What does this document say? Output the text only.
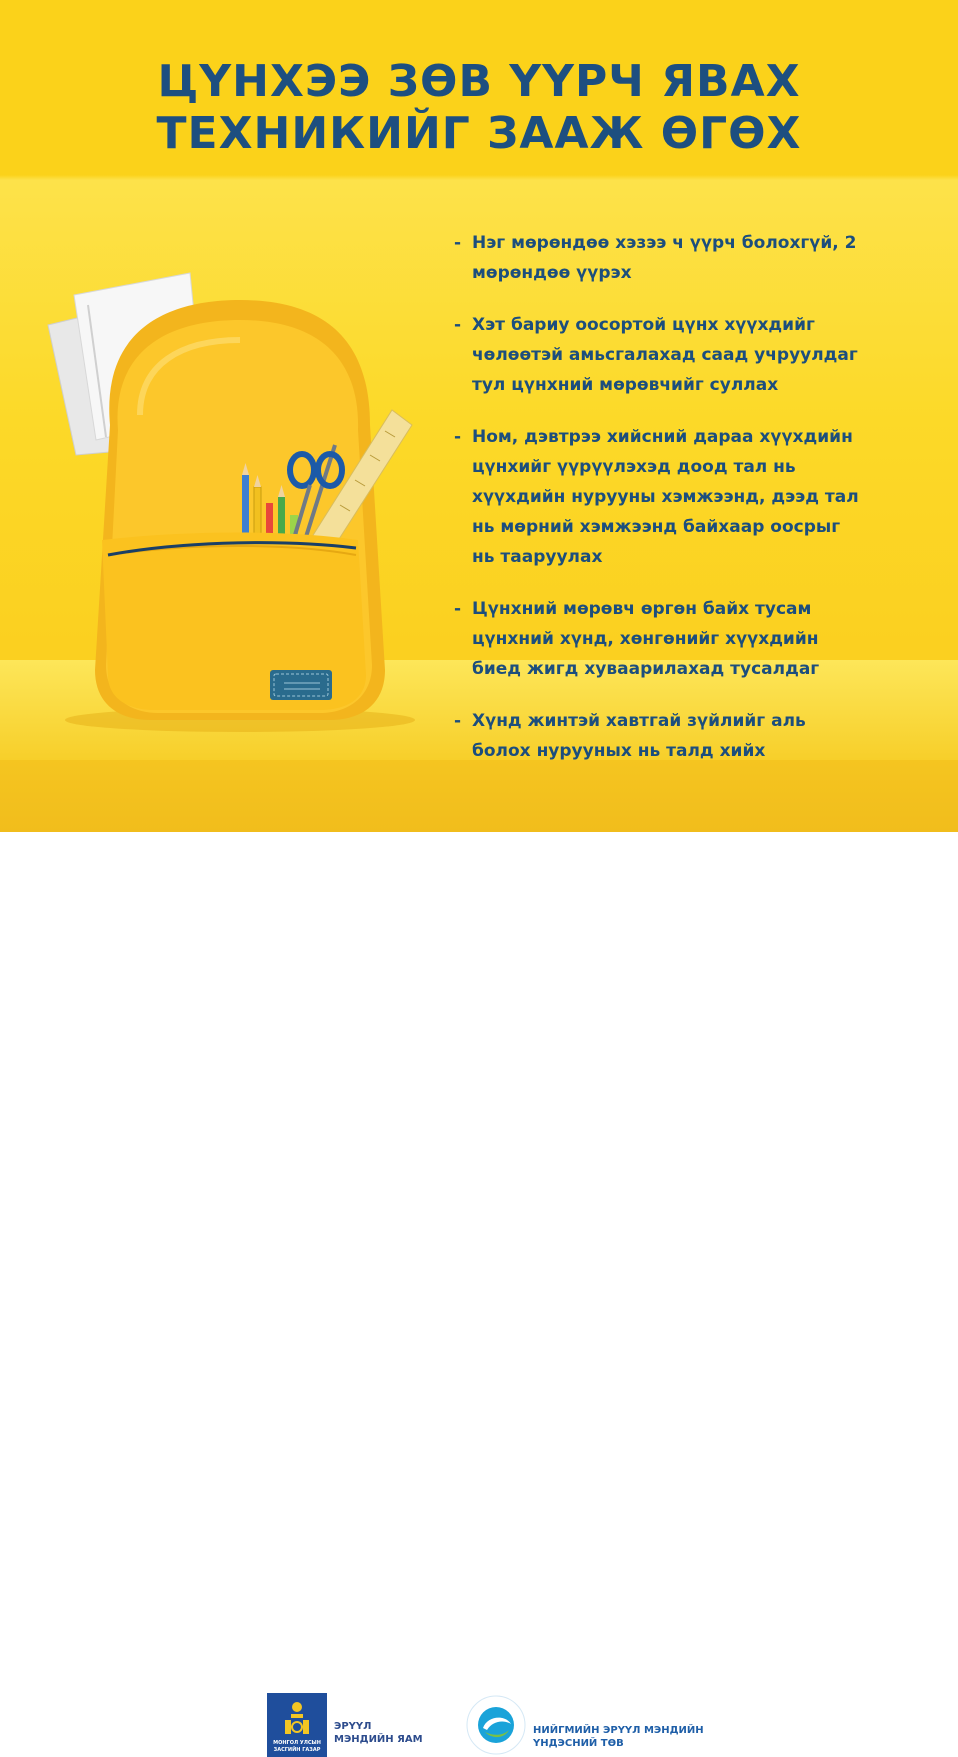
ЦҮНХЭЭ ЗӨВ ҮҮРЧ ЯВАХ
ТЕХНИКИЙГ ЗААЖ ӨГӨХ
- Нэг мөрөндөө хэзээ ч үүрч болохгүй, 2
мөрөндөө үүрэх
- Хэт бариу оосортой цүнх хүүхдийг
чөлөөтэй амьсгалахад саад учруулдаг
тул цүнхний мөрөвчийг суллах
- Ном, дэвтрээ хийсний дараа хүүхдийн
цүнхийг үүрүүлэхэд доод тал нь
хүүхдийн нурууны хэмжээнд, дээд тал
нь мөрний хэмжээнд байхаар оосрыг
нь тааруулах
- Цүнхний мөрөвч өргөн байх тусам
цүнхний хүнд, хөнгөнийг хүүхдийн
биед жигд хуваарилахад тусалдаг
- Хүнд жинтэй хавтгай зүйлийг аль
болох нурууных нь талд хийх
МОНГОЛ УЛСЫН
ЗАСГИЙН ГАЗАР
ЭРҮҮЛ
МЭНДИЙН ЯАМ
НИЙГМИЙН ЭРҮҮЛ МЭНДИЙН
ҮНДЭСНИЙ ТӨВ
